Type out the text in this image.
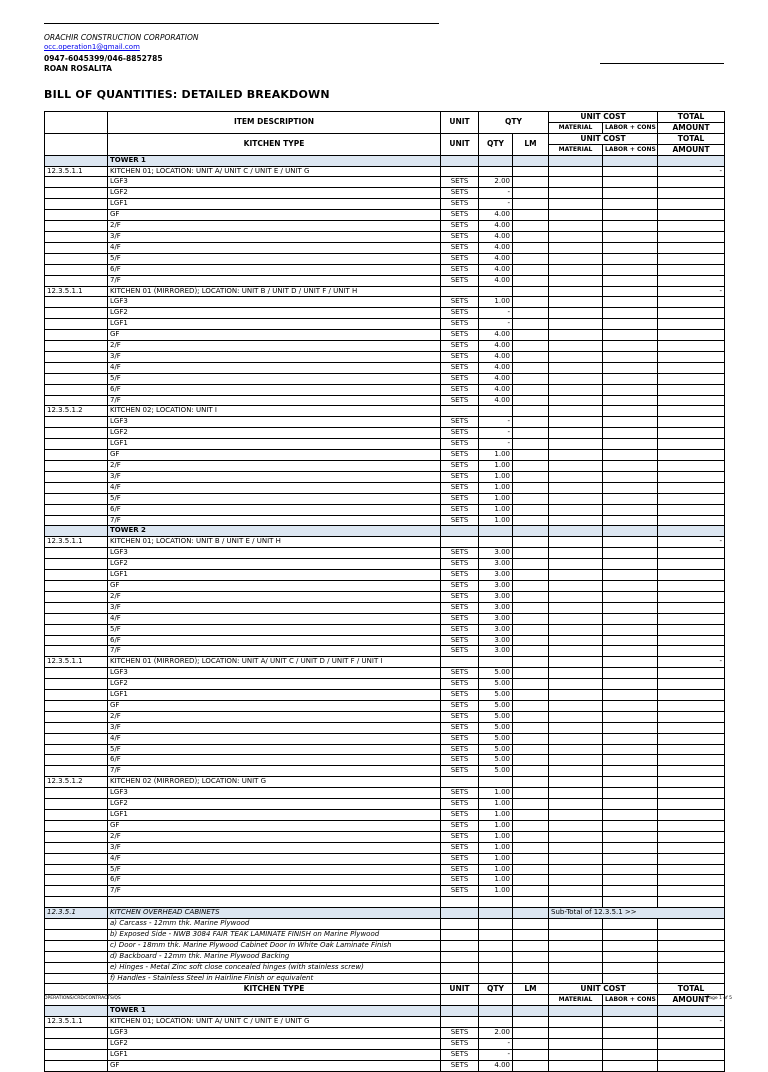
ORACHIR CONSTRUCTION CORPORATION
occ.operation1@gmail.com
0947-6045399/046-8852785
ROAN ROSALITA
BILL OF QUANTITIES: DETAILED BREAKDOWN
	ITEM DESCRIPTION	UNIT	QTY		UNIT COST		TOTAL
					MATERIAL	LABOR + CONS	AMOUNT
	KITCHEN TYPE	UNIT	QTY	LM	UNIT COST		TOTAL
					MATERIAL	LABOR + CONS	AMOUNT
	TOWER 1						
12.3.5.1.1	KITCHEN 01; LOCATION: UNIT A/ UNIT C / UNIT E / UNIT G						-
	LGF3	SETS	2.00				
	LGF2	SETS	-				
	LGF1	SETS	-				
	GF	SETS	4.00				
	2/F	SETS	4.00				
	3/F	SETS	4.00				
	4/F	SETS	4.00				
	5/F	SETS	4.00				
	6/F	SETS	4.00				
	7/F	SETS	4.00				
12.3.5.1.1	KITCHEN 01 (MIRRORED); LOCATION: UNIT B / UNIT D / UNIT F / UNIT H						-
	LGF3	SETS	1.00				
	LGF2	SETS	-				
	LGF1	SETS	-				
	GF	SETS	4.00				
	2/F	SETS	4.00				
	3/F	SETS	4.00				
	4/F	SETS	4.00				
	5/F	SETS	4.00				
	6/F	SETS	4.00				
	7/F	SETS	4.00				
12.3.5.1.2	KITCHEN 02; LOCATION: UNIT I						
	LGF3	SETS	-				
	LGF2	SETS	-				
	LGF1	SETS	-				
	GF	SETS	1.00				
	2/F	SETS	1.00				
	3/F	SETS	1.00				
	4/F	SETS	1.00				
	5/F	SETS	1.00				
	6/F	SETS	1.00				
	7/F	SETS	1.00				
	TOWER 2						
12.3.5.1.1	KITCHEN 01; LOCATION: UNIT B / UNIT E / UNIT H						-
	LGF3	SETS	3.00				
	LGF2	SETS	3.00				
	LGF1	SETS	3.00				
	GF	SETS	3.00				
	2/F	SETS	3.00				
	3/F	SETS	3.00				
	4/F	SETS	3.00				
	5/F	SETS	3.00				
	6/F	SETS	3.00				
	7/F	SETS	3.00				
12.3.5.1.1	KITCHEN 01 (MIRRORED); LOCATION: UNIT A/ UNIT C / UNIT D / UNIT F / UNIT I						-
	LGF3	SETS	5.00				
	LGF2	SETS	5.00				
	LGF1	SETS	5.00				
	GF	SETS	5.00				
	2/F	SETS	5.00				
	3/F	SETS	5.00				
	4/F	SETS	5.00				
	5/F	SETS	5.00				
	6/F	SETS	5.00				
	7/F	SETS	5.00				
12.3.5.1.2	KITCHEN 02 (MIRRORED); LOCATION: UNIT G						
	LGF3	SETS	1.00				
	LGF2	SETS	1.00				
	LGF1	SETS	1.00				
	GF	SETS	1.00				
	2/F	SETS	1.00				
	3/F	SETS	1.00				
	4/F	SETS	1.00				
	5/F	SETS	1.00				
	6/F	SETS	1.00				
	7/F	SETS	1.00				

12.3.5.1	KITCHEN OVERHEAD CABINETS				Sub-Total of 12.3.5.1 >>		
	a) Carcass - 12mm thk. Marine Plywood						
	b) Exposed Side - NWB 3084 FAIR TEAK LAMINATE FINISH on Marine Plywood						
	c) Door - 18mm thk. Marine Plywood Cabinet Door in White Oak Laminate Finish						
	d) Backboard - 12mm thk. Marine Plywood Backing						
	e) Hinges - Metal Zinc soft close concealed hinges (with stainless screw)						
	f) Handles - Stainless Steel in Hairline Finish or equivalent						
	KITCHEN TYPE	UNIT	QTY	LM	UNIT COST		TOTAL
					MATERIAL	LABOR + CONS	AMOUNT
	TOWER 1						
12.3.5.1.1	KITCHEN 01; LOCATION: UNIT A/ UNIT C / UNIT E / UNIT G						-
	LGF3	SETS	2.00				
	LGF2	SETS	-				
	LGF1	SETS	-				
	GF	SETS	4.00				
OPERATIONS/CRD/CONTRACTS/QS	Page 1 of 5
